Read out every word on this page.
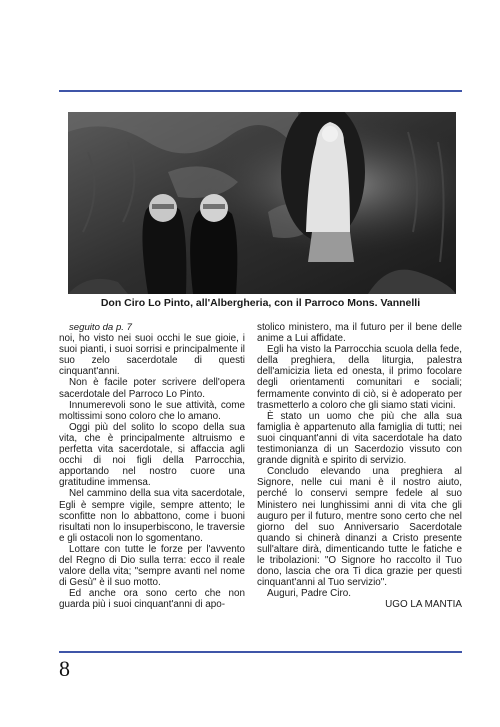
Don Ciro Lo Pinto, all'Albergheria, con il Parroco Mons. Vannelli

seguito da p. 7

noi, ho visto nei suoi occhi le sue gioie, i suoi pianti, i suoi sorrisi e principalmente il suo zelo sacerdotale di questi cinquant'anni.

Non è facile poter scrivere dell'opera sacerdotale del Parroco Lo Pinto.

Innumerevoli sono le sue attività, come moltissimi sono coloro che lo amano.

Oggi più del solito lo scopo della sua vita, che è principalmente altruismo e perfetta vita sacerdotale, si affaccia agli occhi di noi figli della Parrocchia, apportando nel nostro cuore una gratitudine immensa.

Nel cammino della sua vita sacerdotale, Egli è sempre vigile, sempre attento; le sconfitte non lo abbattono, come i buoni risultati non lo insuperbiscono, le traversie e gli ostacoli non lo sgomentano.

Lottare con tutte le forze per l'avvento del Regno di Dio sulla terra: ecco il reale valore della vita; "sempre avanti nel nome di Gesù" è il suo motto.

Ed anche ora sono certo che non guarda più i suoi cinquant'anni di apo-

stolico ministero, ma il futuro per il bene delle anime a Lui affidate.

Egli ha visto la Parrocchia scuola della fede, della preghiera, della liturgia, palestra dell'amicizia lieta ed onesta, il primo focolare degli orientamenti comunitari e sociali; fermamente convinto di ciò, si è adoperato per trasmetterlo a coloro che gli siamo stati vicini.

È stato un uomo che più che alla sua famiglia è appartenuto alla famiglia di tutti; nei suoi cinquant'anni di vita sacerdotale ha dato testimonianza di un Sacerdozio vissuto con grande dignità e spirito di servizio.

Concludo elevando una preghiera al Signore, nelle cui mani è il nostro aiuto, perché lo conservi sempre fedele al suo Ministero nei lunghissimi anni di vita che gli auguro per il futuro, mentre sono certo che nel giorno del suo Anniversario Sacerdotale quando si chinerà dinanzi a Cristo presente sull'altare dirà, dimenticando tutte le fatiche e le tribolazioni: "O Signore ho raccolto il Tuo dono, lascia che ora Ti dica grazie per questi cinquant'anni al Tuo servizio".

Auguri, Padre Ciro.

UGO LA MANTIA

8
